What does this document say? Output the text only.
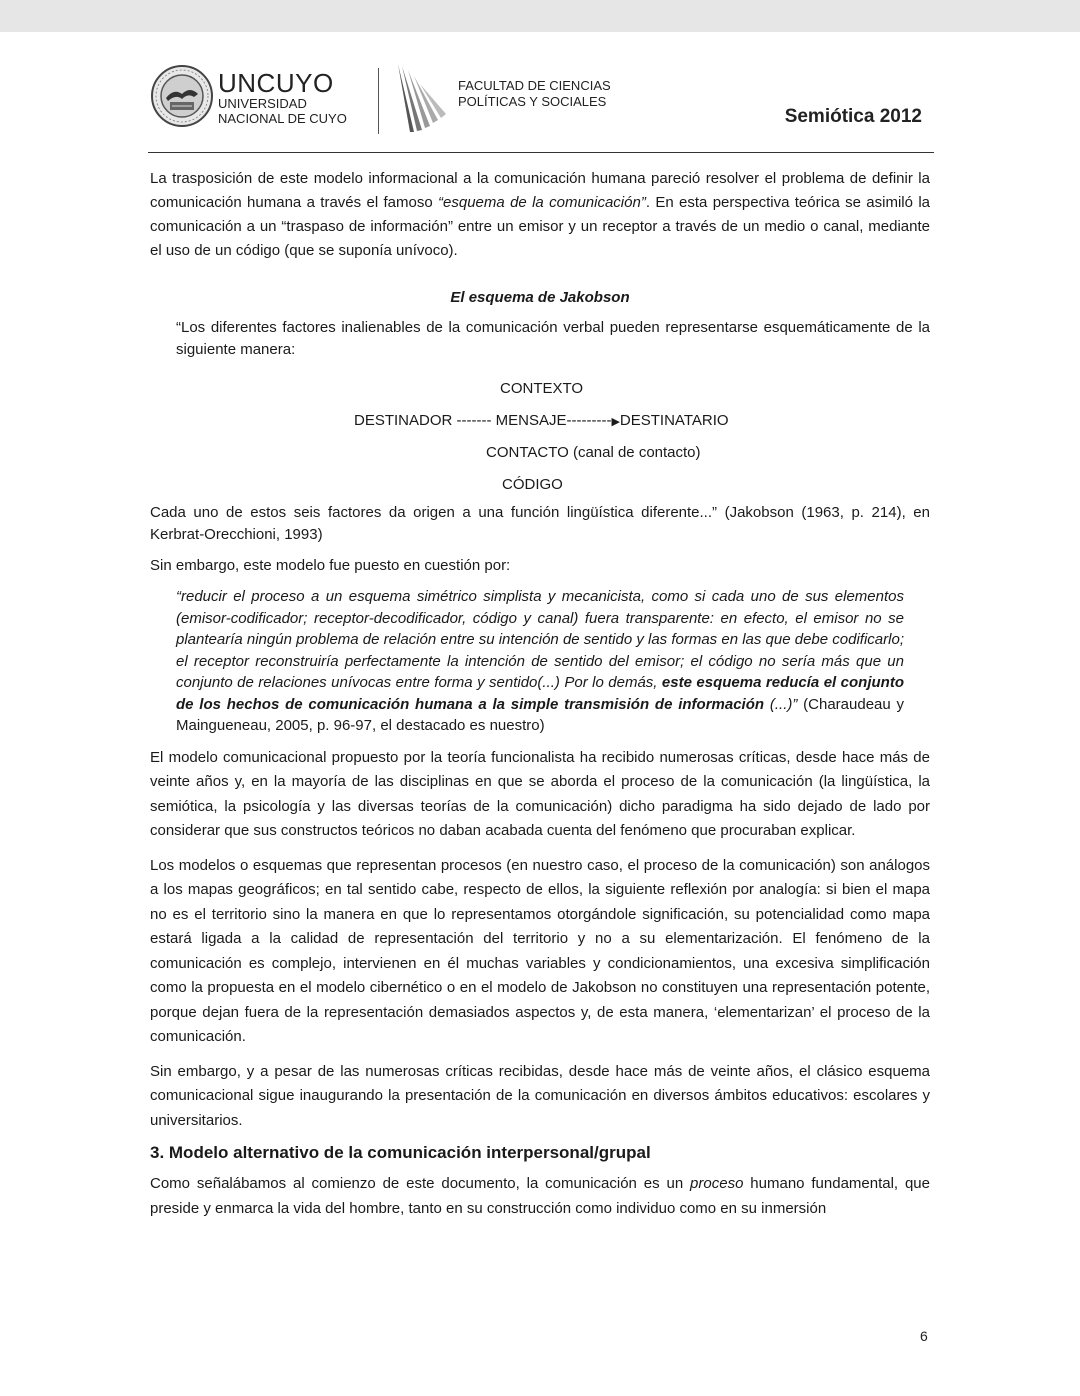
UNCUYO
UNIVERSIDAD
NACIONAL DE CUYO
FACULTAD DE CIENCIAS
POLÍTICAS Y SOCIALES
Semiótica 2012

La trasposición de este modelo informacional a la comunicación humana pareció resolver el problema de definir la comunicación humana a través el famoso “esquema de la comunicación”. En esta perspectiva teórica se asimiló la comunicación a un “traspaso de información” entre un emisor y un receptor a través de un medio o canal, mediante el uso de un código (que se suponía unívoco).

El esquema de Jakobson

“Los diferentes factores inalienables de la comunicación verbal pueden representarse esquemáticamente de la siguiente manera:

CONTEXTO
DESTINADOR ------- MENSAJE---------▶DESTINATARIO
CONTACTO (canal de contacto)
CÓDIGO

Cada uno de estos seis factores da origen a una función lingüística diferente...” (Jakobson (1963, p. 214), en Kerbrat-Orecchioni, 1993)

Sin embargo, este modelo fue puesto en cuestión por:

“reducir el proceso a un esquema simétrico simplista y mecanicista, como si cada uno de sus elementos (emisor-codificador; receptor-decodificador, código y canal) fuera transparente: en efecto, el emisor no se plantearía ningún problema de relación entre su intención de sentido y las formas en las que debe codificarlo; el receptor reconstruiría perfectamente la intención de sentido del emisor; el código no sería más que un conjunto de relaciones unívocas entre forma y sentido(...) Por lo demás, este esquema reducía el conjunto de los hechos de comunicación humana a la simple transmisión de información (...)” (Charaudeau y Maingueneau, 2005, p. 96-97, el destacado es nuestro)

El modelo comunicacional propuesto por la teoría funcionalista ha recibido numerosas críticas, desde hace más de veinte años y, en la mayoría de las disciplinas en que se aborda el proceso de la comunicación (la lingüística, la semiótica, la psicología y las diversas teorías de la comunicación) dicho paradigma ha sido dejado de lado por considerar que sus constructos teóricos no daban acabada cuenta del fenómeno que procuraban explicar.

Los modelos o esquemas que representan procesos (en nuestro caso, el proceso de la comunicación) son análogos a los mapas geográficos; en tal sentido cabe, respecto de ellos, la siguiente reflexión por analogía: si bien el mapa no es el territorio sino la manera en que lo representamos otorgándole significación, su potencialidad como mapa estará ligada a la calidad de representación del territorio y no a su elementarización. El fenómeno de la comunicación es complejo, intervienen en él muchas variables y condicionamientos, una excesiva simplificación como la propuesta en el modelo cibernético o en el modelo de Jakobson no constituyen una representación potente, porque dejan fuera de la representación demasiados aspectos y, de esta manera, ‘elementarizan’ el proceso de la comunicación.

Sin embargo, y a pesar de las numerosas críticas recibidas, desde hace más de veinte años, el clásico esquema comunicacional sigue inaugurando la presentación de la comunicación en diversos ámbitos educativos: escolares y universitarios.

3. Modelo alternativo de la comunicación interpersonal/grupal

Como señalábamos al comienzo de este documento, la comunicación es un proceso humano fundamental, que preside y enmarca la vida del hombre, tanto en su construcción como individuo como en su inmersión

6
